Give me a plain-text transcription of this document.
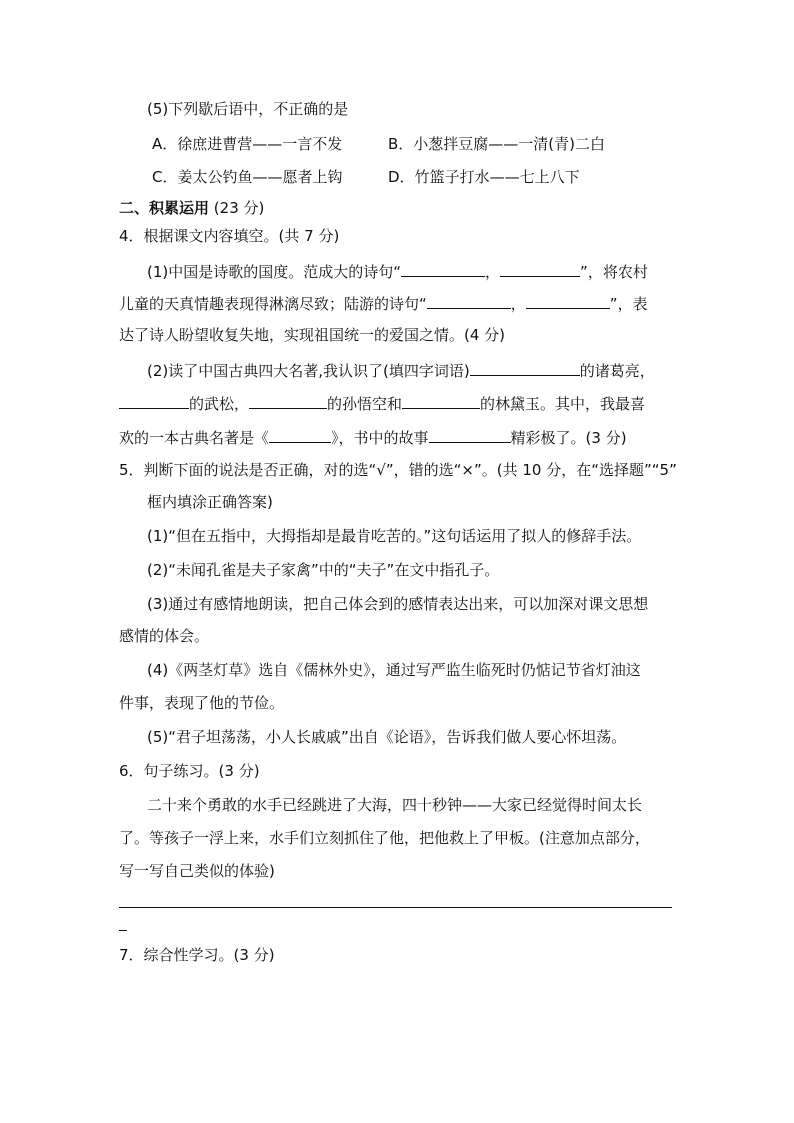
(5)下列歇后语中，不正确的是
A．徐庶进曹营——一言不发	B．小葱拌豆腐——一清(青)二白
C．姜太公钓鱼——愿者上钩	D．竹篮子打水——七上八下
二、积累运用 (23 分)
4．根据课文内容填空。(共 7 分)
(1)中国是诗歌的国度。范成大的诗句“	，	”，将农村
儿童的天真情趣表现得淋漓尽致；陆游的诗句“	，	”，表
达了诗人盼望收复失地，实现祖国统一的爱国之情。(4 分)
(2)读了中国古典四大名著,我认识了(填四字词语)	的诸葛亮，
的武松，	的孙悟空和	的林黛玉。其中，我最喜
欢的一本古典名著是《	》，书中的故事	精彩极了。(3 分)
5．判断下面的说法是否正确，对的选“√”，错的选“×”。(共 10 分，在“选择题”“5”
框内填涂正确答案)
(1)“但在五指中，大拇指却是最肯吃苦的。”这句话运用了拟人的修辞手法。
(2)“未闻孔雀是夫子家禽”中的“夫子”在文中指孔子。
(3)通过有感情地朗读，把自己体会到的感情表达出来，可以加深对课文思想
感情的体会。
(4)《两茎灯草》选自《儒林外史》，通过写严监生临死时仍惦记节省灯油这
件事，表现了他的节俭。
(5)“君子坦荡荡，小人长戚戚”出自《论语》，告诉我们做人要心怀坦荡。
6．句子练习。(3 分)
二十来个勇敢的水手已经跳进了大海，四十秒钟——大家已经觉得时间太长
了。等孩子一浮上来，水手们立刻抓住了他，把他救上了甲板。(注意加点部分，
写一写自己类似的体验)
7．综合性学习。(3 分)
